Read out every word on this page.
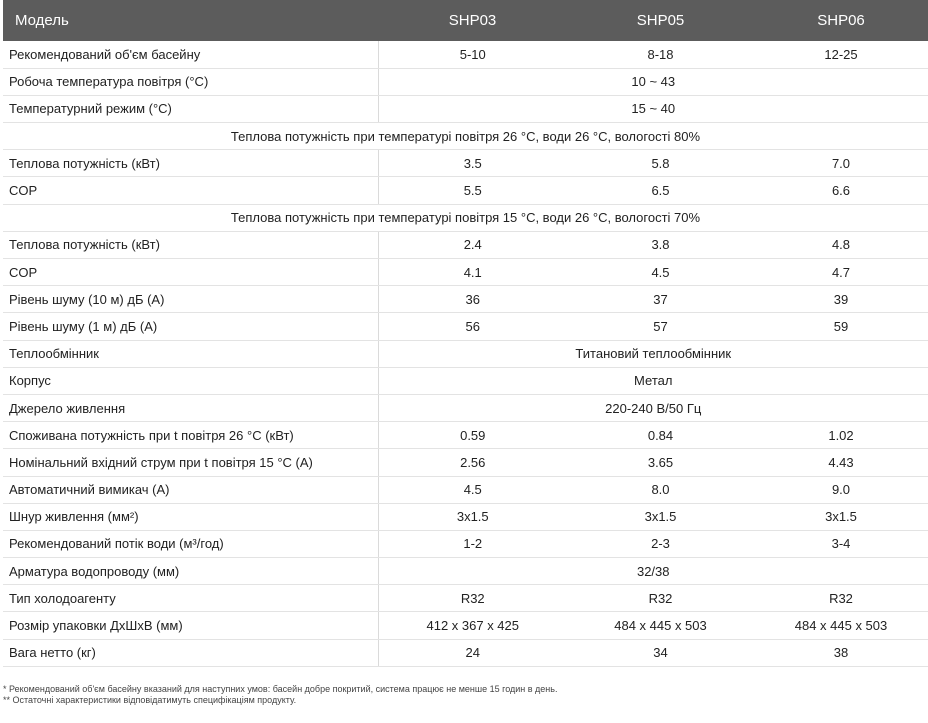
Модель	SHP03	SHP05	SHP06
Рекомендований об'єм басейну	5-10	8-18	12-25
Робоча температура повітря (°C)	10 ~ 43		
Температурний режим (°C)	15 ~ 40		
Теплова потужність при температурі повітря 26 °C, води 26 °C, вологості 80%			
Теплова потужність (кВт)	3.5	5.8	7.0
COP	5.5	6.5	6.6
Теплова потужність при температурі повітря 15 °C, води 26 °C, вологості 70%			
Теплова потужність (кВт)	2.4	3.8	4.8
COP	4.1	4.5	4.7
Рівень шуму (10 м) дБ (А)	36	37	39
Рівень шуму (1 м) дБ (А)	56	57	59
Теплообмінник	Титановий теплообмінник		
Корпус	Метал		
Джерело живлення	220-240 В/50 Гц		
Споживана потужність при t повітря 26 °C (кВт)	0.59	0.84	1.02
Номінальний вхідний струм при t повітря 15 °C (A)	2.56	3.65	4.43
Автоматичний вимикач (A)	4.5	8.0	9.0
Шнур живлення (мм²)	3x1.5	3x1.5	3x1.5
Рекомендований потік води (м³/год)	1-2	2-3	3-4
Арматура водопроводу (мм)	32/38		
Тип холодоагенту	R32	R32	R32
Розмір упаковки ДхШхВ (мм)	412 x 367 x 425	484 x 445 x 503	484 x 445 x 503
Вага нетто (кг)	24	34	38
* Рекомендований об'єм басейну вказаний для наступних умов: басейн добре покритий, система працює не менше 15 годин в день.
** Остаточні характеристики відповідатимуть специфікаціям продукту.
